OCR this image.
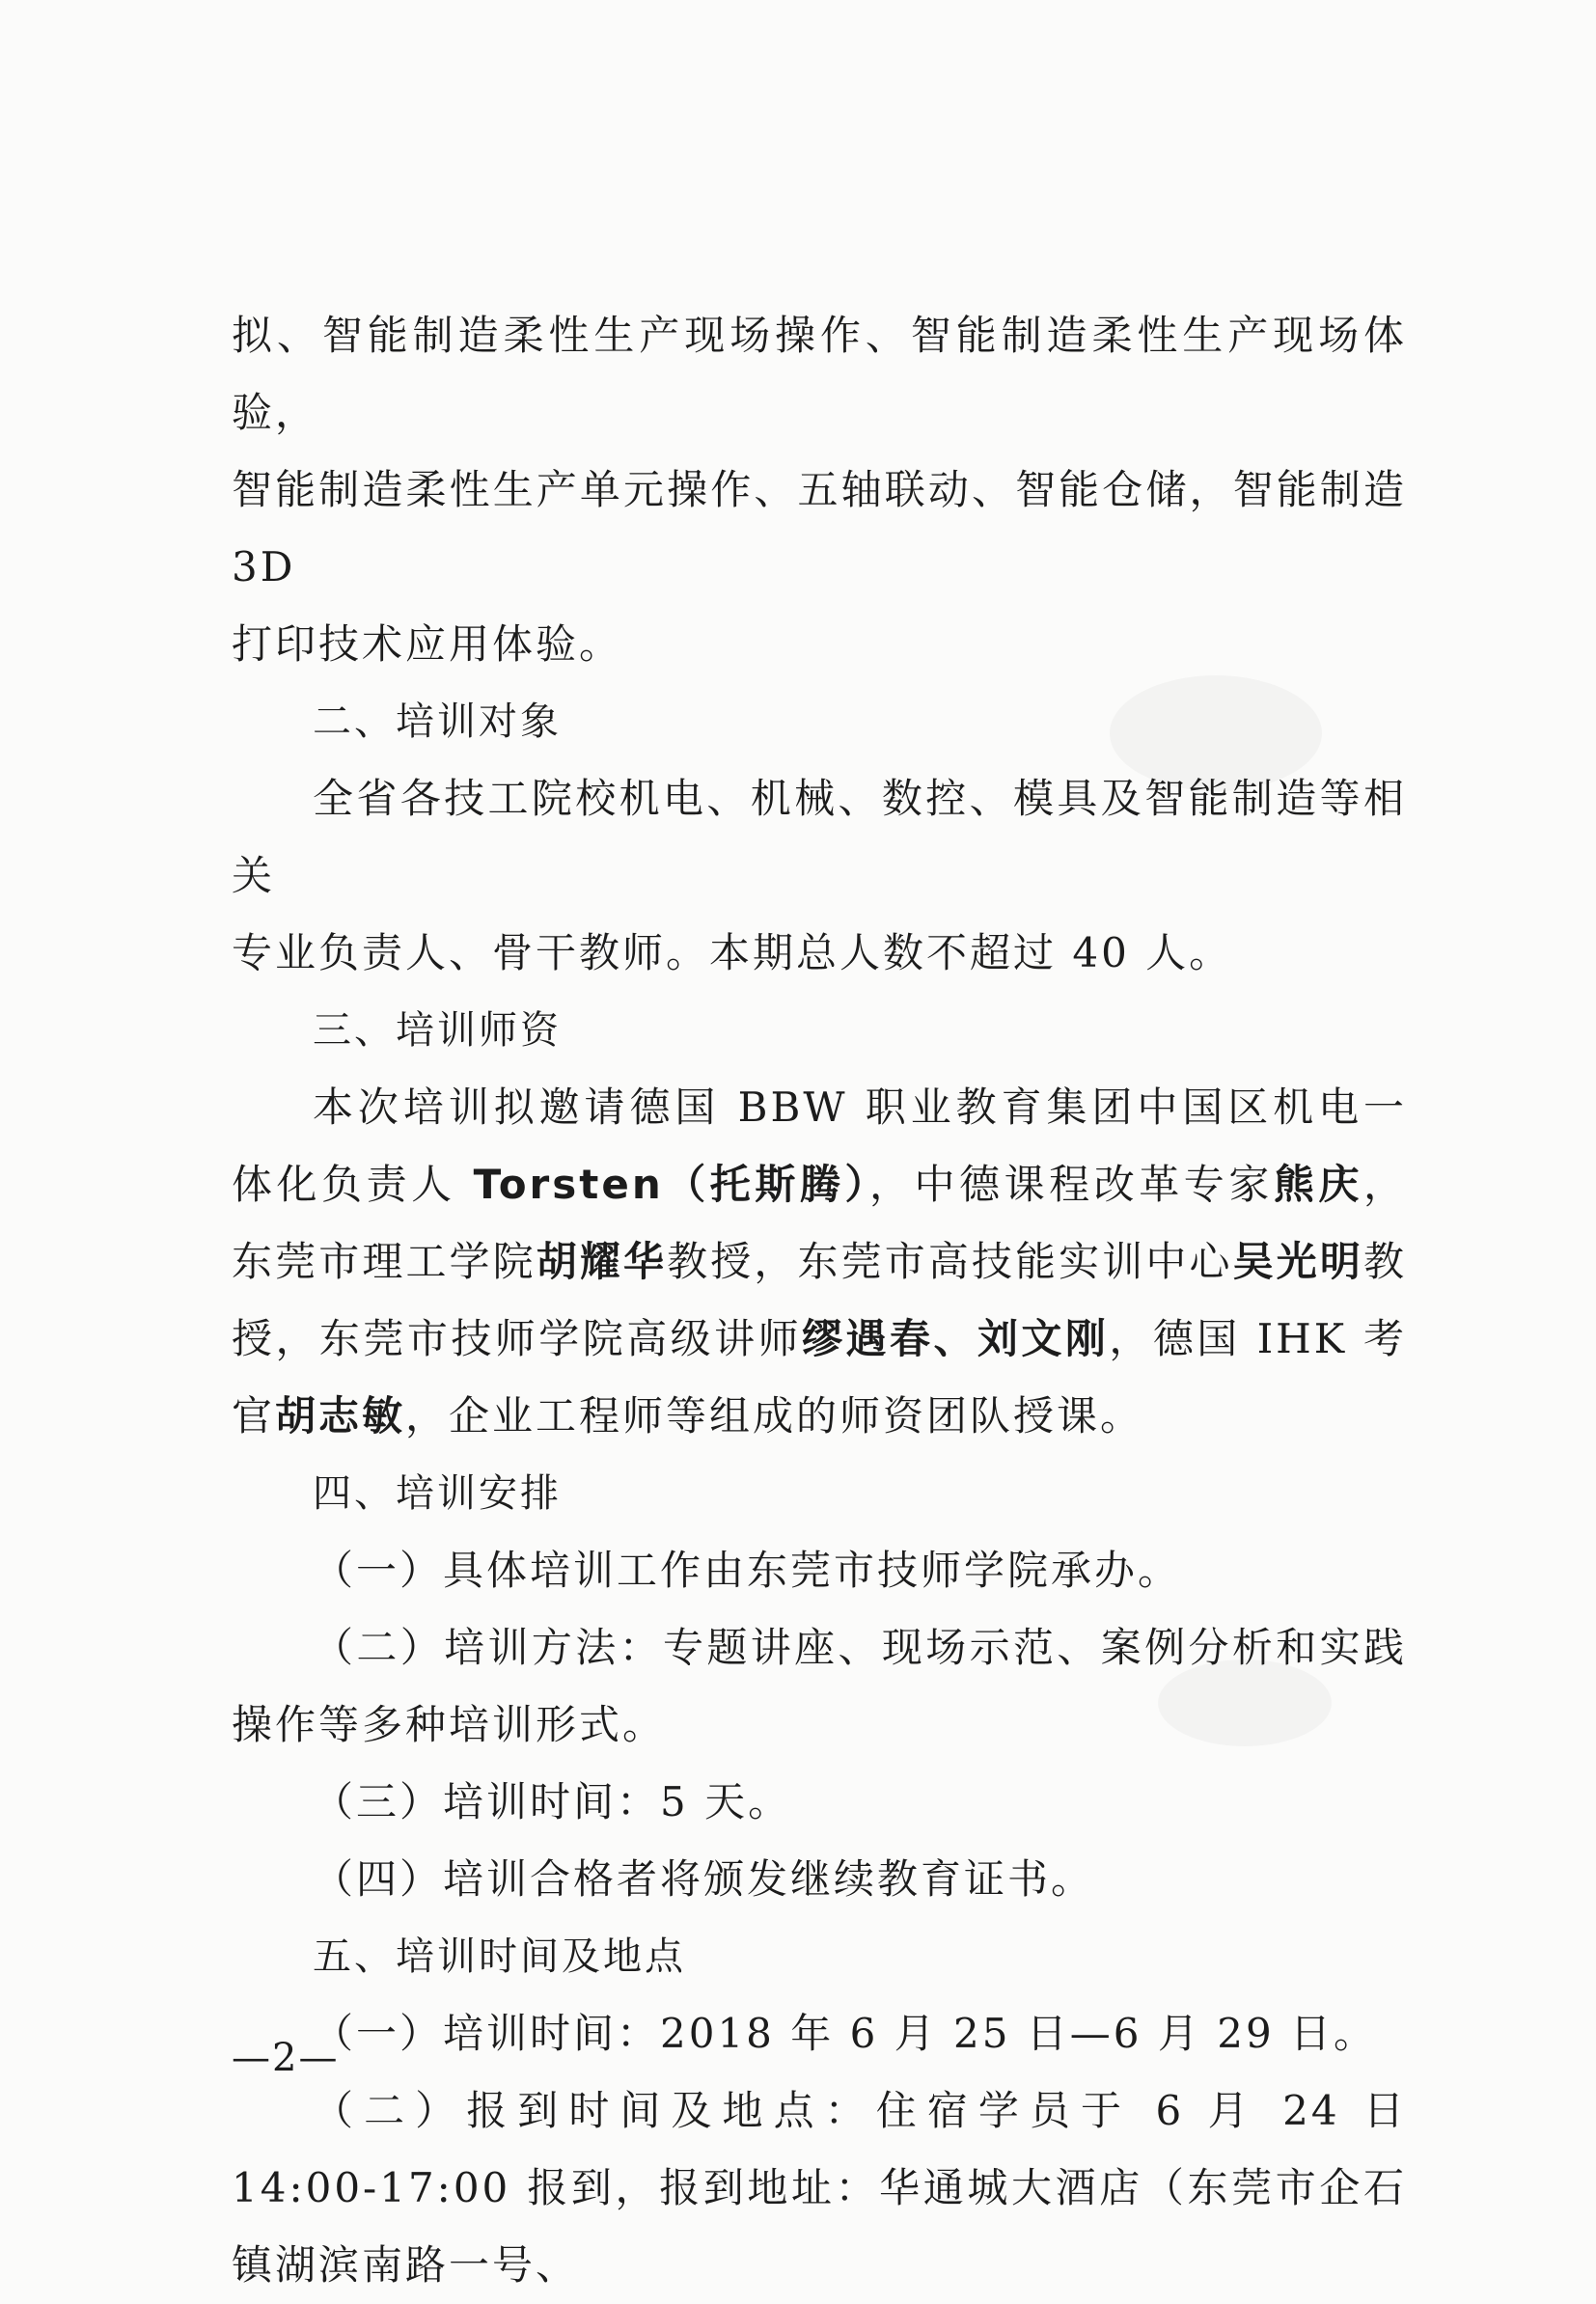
拟、智能制造柔性生产现场操作、智能制造柔性生产现场体验，
智能制造柔性生产单元操作、五轴联动、智能仓储，智能制造 3D
打印技术应用体验。

二、培训对象

全省各技工院校机电、机械、数控、模具及智能制造等相关
专业负责人、骨干教师。本期总人数不超过 40 人。

三、培训师资

本次培训拟邀请德国 BBW 职业教育集团中国区机电一体化负责人 Torsten（托斯腾），中德课程改革专家熊庆，东莞市理工学院胡耀华教授，东莞市高技能实训中心吴光明教授，东莞市技师学院高级讲师缪遇春、刘文刚，德国 IHK 考官胡志敏，企业工程师等组成的师资团队授课。

四、培训安排

（一）具体培训工作由东莞市技师学院承办。

（二）培训方法：专题讲座、现场示范、案例分析和实践操作等多种培训形式。

（三）培训时间：5 天。

（四）培训合格者将颁发继续教育证书。

五、培训时间及地点

（一）培训时间：2018 年 6 月 25 日—6 月 29 日。

（二）报到时间及地点：住宿学员于 6 月 24 日 14:00-17:00 报到，报到地址：华通城大酒店（东莞市企石镇湖滨南路一号、

—2—
